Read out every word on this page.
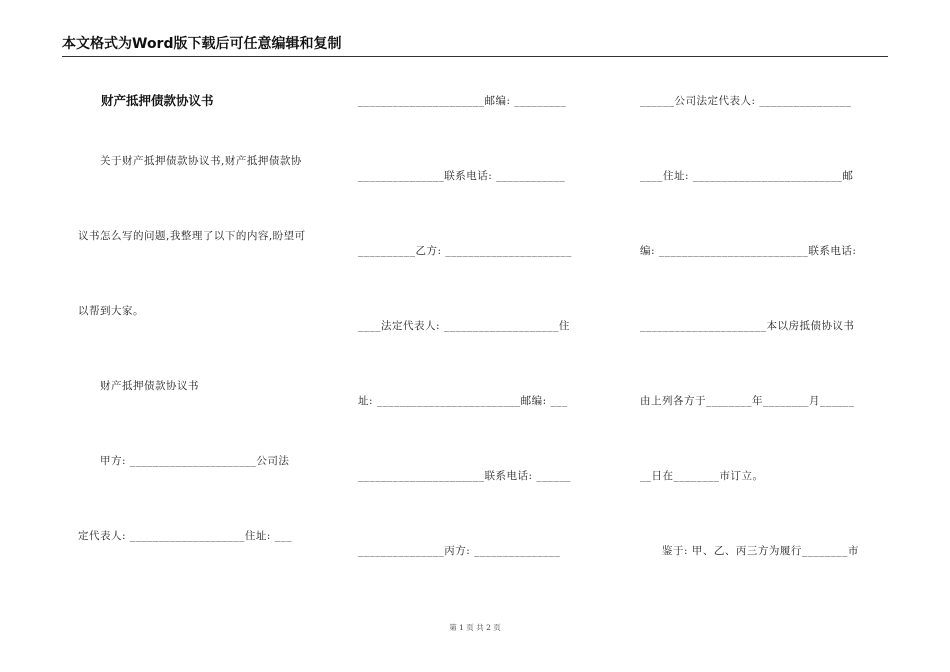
本文格式为Word版下载后可任意编辑和复制
财产抵押债款协议书
关于财产抵押债款协议书,财产抵押债款协
议书怎么写的问题,我整理了以下的内容,盼望可
以帮到大家。
财产抵押债款协议书
甲方: ______________________公司法
定代表人: ____________________住址: ___
______________________邮编: _________
_______________联系电话: ____________
__________乙方: ______________________
____法定代表人: ____________________住
址: _________________________邮编: ___
______________________联系电话: ______
_______________丙方: _______________
______公司法定代表人: ________________
____住址: __________________________邮
编: __________________________联系电话:
______________________本以房抵债协议书
由上列各方于________年________月______
__日在________市订立。
鉴于: 甲、乙、丙三方为履行________市
第 1 页 共 2 页
